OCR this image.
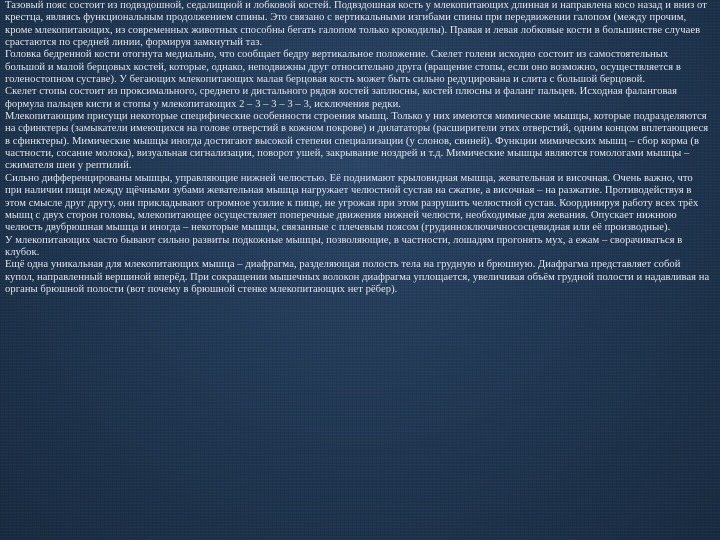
Тазовый пояс состоит из подвздошной, седалищной и лобковой костей. Подвздошная кость у млекопитающих длинная и направлена косо назад и вниз от крестца, являясь функциональным продолжением спины. Это связано с вертикальными изгибами спины при передвижении галопом (между прочим, кроме млекопитающих, из современных животных способны бегать галопом только крокодилы). Правая и левая лобковые кости в большинстве случаев срастаются по средней линии, формируя замкнутый таз.

Головка бедренной кости отогнута медиально, что сообщает бедру вертикальное положение. Скелет голени исходно состоит из самостоятельных большой и малой берцовых костей, которые, однако, неподвижны друг относительно друга (вращение стопы, если оно возможно, осуществляется в голеностопном суставе). У бегающих млекопитающих малая берцовая кость может быть сильно редуцирована и слита с большой берцовой.

Скелет стопы состоит из проксимального, среднего и дистального рядов костей заплюсны, костей плюсны и фаланг пальцев. Исходная фаланговая формула пальцев кисти и стопы у млекопитающих 2 – 3 – 3 – 3 – 3, исключения редки.

Млекопитающим присущи некоторые специфические особенности строения мышц. Только у них имеются мимические мышцы, которые подразделяются на сфинктеры (замыкатели имеющихся на голове отверстий в кожном покрове) и дилататоры (расширители этих отверстий, одним концом вплетающиеся в сфинктеры). Мимические мышцы иногда достигают высокой степени специализации (у слонов, свиней). Функции мимических мышц – сбор корма (в частности, сосание молока), визуальная сигнализация, поворот ушей, закрывание ноздрей и т.д. Мимические мышцы являются гомологами мышцы – сжимателя шеи у рептилий.

Сильно дифференцированы мышцы, управляющие нижней челюстью. Её поднимают крыловидная мышца, жевательная и височная. Очень важно, что при наличии пищи между щёчными зубами жевательная мышца нагружает челюстной сустав на сжатие, а височная – на разжатие. Противодействуя в этом смысле друг другу, они прикладывают огромное усилие к пище, не угрожая при этом разрушить челюстной сустав. Координируя работу всех трёх мышц с двух сторон головы, млекопитающее осуществляет поперечные движения нижней челюсти, необходимые для жевания. Опускает нижнюю челюсть двубрюшная мышца и иногда – некоторые мышцы, связанные с плечевым поясом (грудинноключичнососцевидная или её производные).

У млекопитающих часто бывают сильно развиты подкожные мышцы, позволяющие, в частности, лошадям прогонять мух, а ежам – сворачиваться в клубок.

Ещё одна уникальная для млекопитающих мышца – диафрагма, разделяющая полость тела на грудную и брюшную. Диафрагма представляет собой купол, направленный вершиной вперёд. При сокращении мышечных волокон диафрагма уплощается, увеличивая объём грудной полости и надавливая на органы брюшной полости (вот почему в брюшной стенке млекопитающих нет рёбер).
